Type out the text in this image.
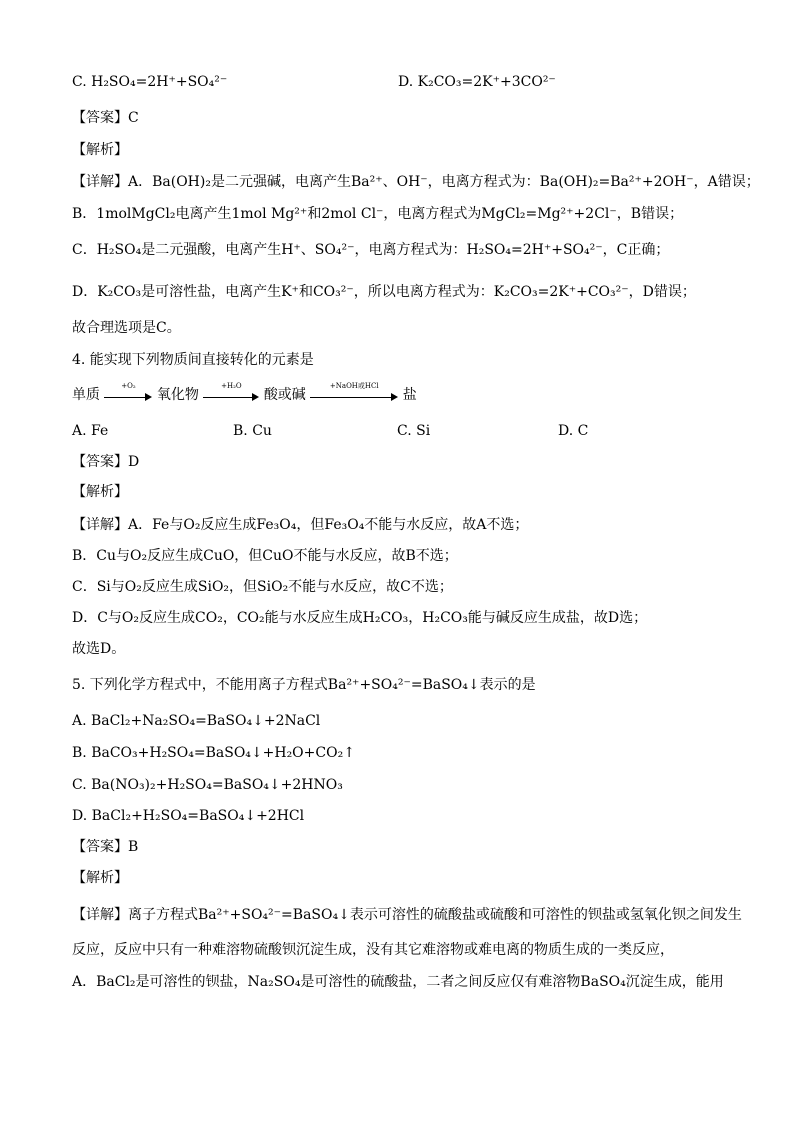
C. H₂SO₄=2H⁺+SO₄²⁻	D. K₂CO₃=2K⁺+3CO²⁻
【答案】C
【解析】
【详解】A．Ba(OH)₂是二元强碱，电离产生Ba²⁺、OH⁻，电离方程式为：Ba(OH)₂=Ba²⁺+2OH⁻，A错误；
B．1molMgCl₂电离产生1mol Mg²⁺和2mol Cl⁻，电离方程式为MgCl₂=Mg²⁺+2Cl⁻，B错误；
C．H₂SO₄是二元强酸，电离产生H⁺、SO₄²⁻，电离方程式为：H₂SO₄=2H⁺+SO₄²⁻，C正确；
D．K₂CO₃是可溶性盐，电离产生K⁺和CO₃²⁻，所以电离方程式为：K₂CO₃=2K⁺+CO₃²⁻，D错误；
故合理选项是C。
4. 能实现下列物质间直接转化的元素是
单质
+O₂
氧化物
+H₂O
酸或碱
+NaOH或HCl
盐
A. Fe	B. Cu	C. Si	D. C
【答案】D
【解析】
【详解】A．Fe与O₂反应生成Fe₃O₄，但Fe₃O₄不能与水反应，故A不选；
B．Cu与O₂反应生成CuO，但CuO不能与水反应，故B不选；
C．Si与O₂反应生成SiO₂，但SiO₂不能与水反应，故C不选；
D．C与O₂反应生成CO₂，CO₂能与水反应生成H₂CO₃，H₂CO₃能与碱反应生成盐，故D选；
故选D。
5. 下列化学方程式中，不能用离子方程式Ba²⁺+SO₄²⁻=BaSO₄↓表示的是
A. BaCl₂+Na₂SO₄=BaSO₄↓+2NaCl
B. BaCO₃+H₂SO₄=BaSO₄↓+H₂O+CO₂↑
C. Ba(NO₃)₂+H₂SO₄=BaSO₄↓+2HNO₃
D. BaCl₂+H₂SO₄=BaSO₄↓+2HCl
【答案】B
【解析】
【详解】离子方程式Ba²⁺+SO₄²⁻=BaSO₄↓表示可溶性的硫酸盐或硫酸和可溶性的钡盐或氢氧化钡之间发生
反应，反应中只有一种难溶物硫酸钡沉淀生成，没有其它难溶物或难电离的物质生成的一类反应，
A．BaCl₂是可溶性的钡盐，Na₂SO₄是可溶性的硫酸盐，二者之间反应仅有难溶物BaSO₄沉淀生成，能用
